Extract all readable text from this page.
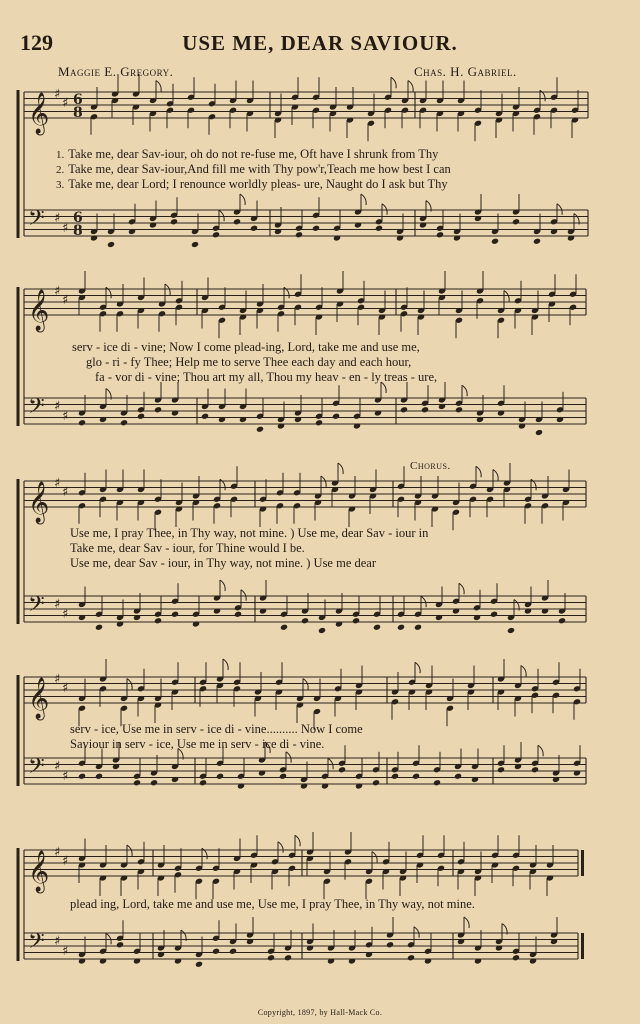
129	USE ME, DEAR SAVIOUR.
Maggie E. Gregory.	Chas. H. Gabriel.
Chorus.
𝄞 ♯
♯ 6
8
𝄢 ♯
♯
6
8
𝄞 ♯
♯
𝄢 ♯
♯
𝄞 ♯
♯
𝄢 ♯
♯
𝄞 ♯
♯
𝄢 ♯
♯
𝄞 ♯
♯
𝄢 ♯
♯
1. Take me, dear Sav-iour, oh do not re-fuse me, Oft have I shrunk from Thy
2. Take me, dear Sav-iour,And fill me with Thy pow'r,Teach me how best I can
3. Take me, dear Lord; I renounce worldly pleas- ure, Naught do I ask but Thy
serv - ice di - vine; Now I come plead-ing, Lord, take me and use me,
glo - ri - fy Thee; Help me to serve Thee each day and each hour,
fa - vor di - vine; Thou art my all, Thou my heav - en - ly treas - ure,
Use me, I pray Thee, in Thy way, not mine. ) Use me, dear Sav - iour in
Take me, dear Sav - iour, for Thine would I be.
Use me, dear Sav - iour, in Thy way, not mine. ) Use me dear
serv - ice, Use me in serv - ice di - vine.......... Now I come
Saviour in serv - ice, Use me in serv - ice di - vine.
plead ing, Lord, take me and use me, Use me, I pray Thee, in Thy way, not mine.
Copyright, 1897, by Hall-Mack Co.
